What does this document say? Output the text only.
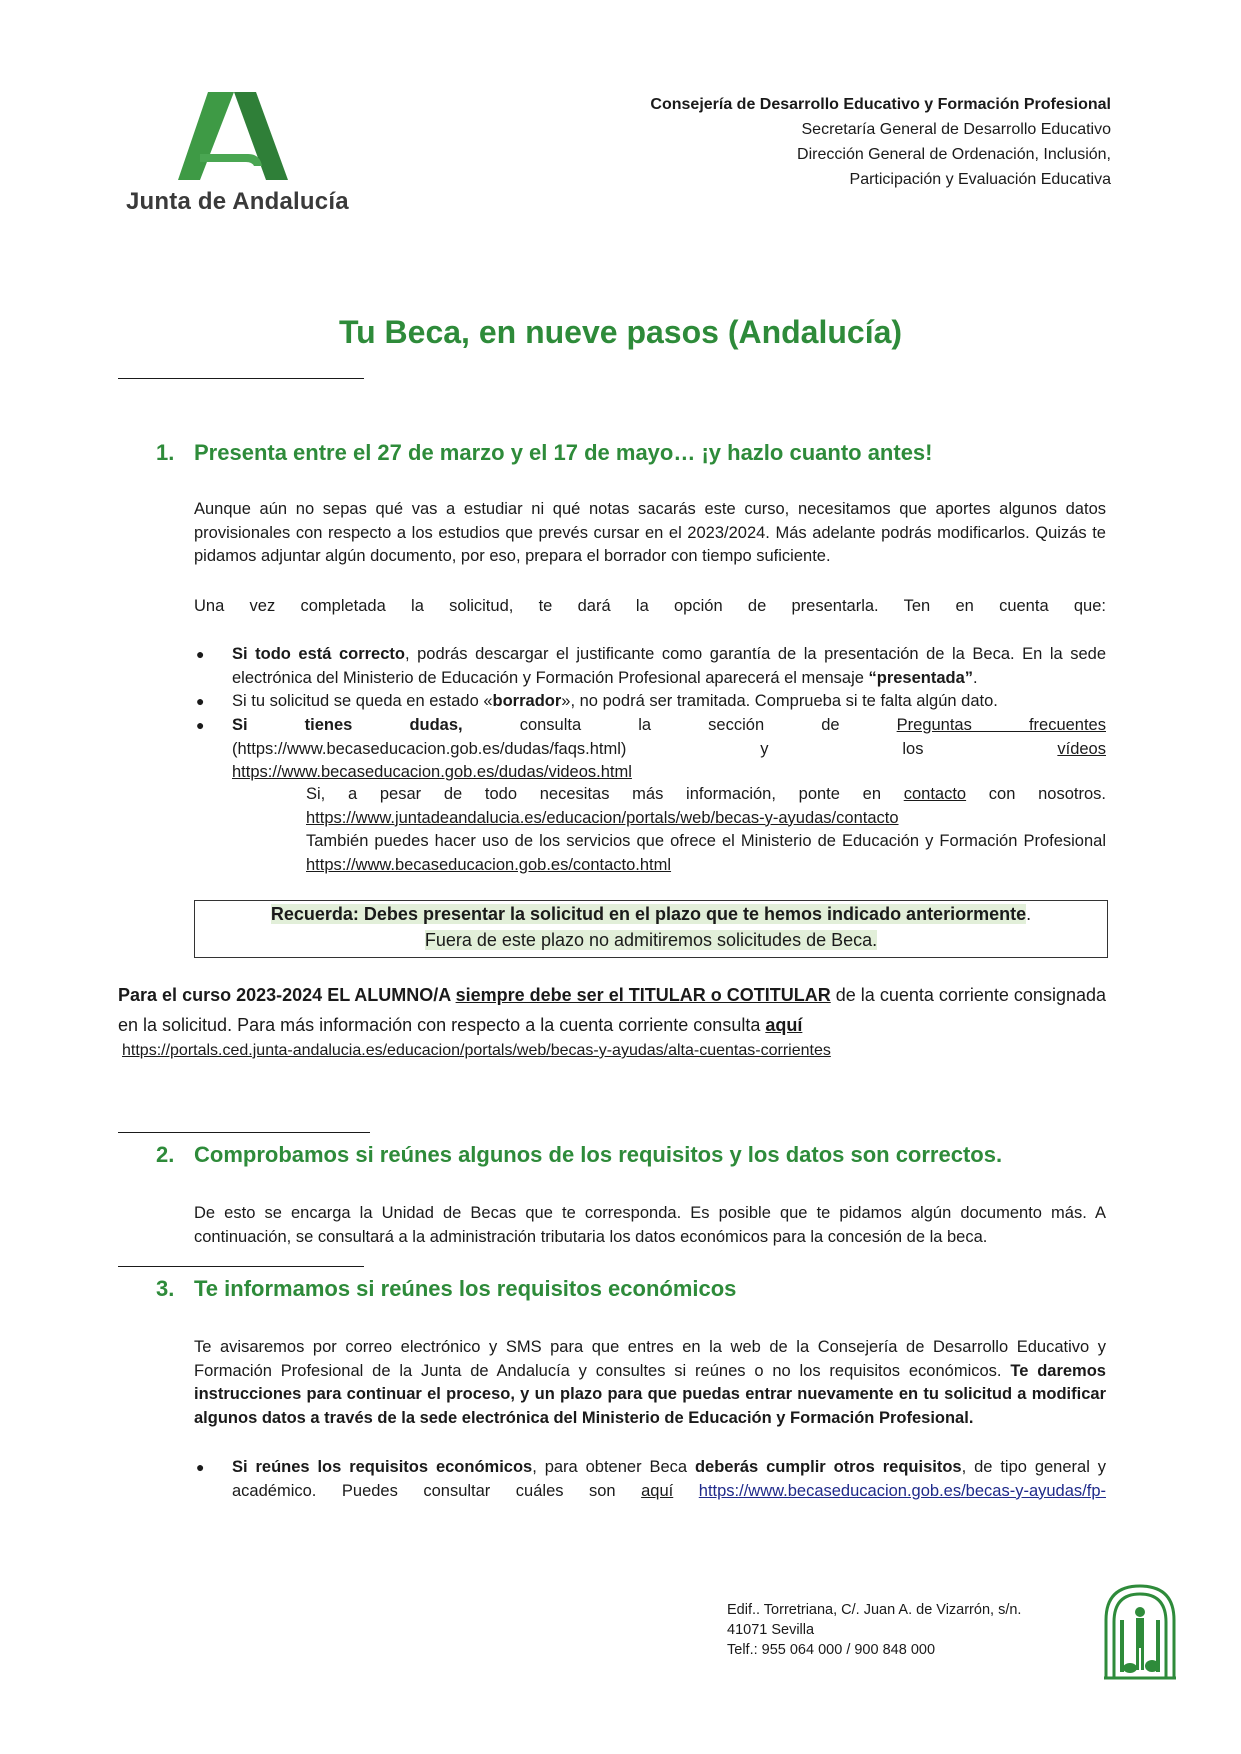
Junta de Andalucía
Consejería de Desarrollo Educativo y Formación Profesional
Secretaría General de Desarrollo Educativo
Dirección General de Ordenación, Inclusión,
Participación y Evaluación Educativa
Tu Beca, en nueve pasos (Andalucía)
1. Presenta entre el 27 de marzo y el 17 de mayo… ¡y hazlo cuanto antes!
Aunque aún no sepas qué vas a estudiar ni qué notas sacarás este curso, necesitamos que aportes algunos datos provisionales con respecto a los estudios que prevés cursar en el 2023/2024. Más adelante podrás modificarlos. Quizás te pidamos adjuntar algún documento, por eso, prepara el borrador con tiempo suficiente.
Una vez completada la solicitud, te dará la opción de presentarla. Ten en cuenta que:
● Si todo está correcto, podrás descargar el justificante como garantía de la presentación de la Beca. En la sede electrónica del Ministerio de Educación y Formación Profesional aparecerá el mensaje “presentada”.
● Si tu solicitud se queda en estado «borrador», no podrá ser tramitada. Comprueba si te falta algún dato.
● Si tienes dudas, consulta la sección de Preguntas frecuentes
(https://www.becaseducacion.gob.es/dudas/faqs.html) y los vídeos
https://www.becaseducacion.gob.es/dudas/videos.html
Si, a pesar de todo necesitas más información, ponte en contacto con nosotros.
https://www.juntadeandalucia.es/educacion/portals/web/becas-y-ayudas/contacto
También puedes hacer uso de los servicios que ofrece el Ministerio de Educación y Formación Profesional https://www.becaseducacion.gob.es/contacto.html
Recuerda: Debes presentar la solicitud en el plazo que te hemos indicado anteriormente.
Fuera de este plazo no admitiremos solicitudes de Beca.
Para el curso 2023-2024 EL ALUMNO/A siempre debe ser el TITULAR o COTITULAR de la cuenta corriente consignada en la solicitud. Para más información con respecto a la cuenta corriente consulta aquí
https://portals.ced.junta-andalucia.es/educacion/portals/web/becas-y-ayudas/alta-cuentas-corrientes
2. Comprobamos si reúnes algunos de los requisitos y los datos son correctos.
De esto se encarga la Unidad de Becas que te corresponda. Es posible que te pidamos algún documento más. A continuación, se consultará a la administración tributaria los datos económicos para la concesión de la beca.
3. Te informamos si reúnes los requisitos económicos
Te avisaremos por correo electrónico y SMS para que entres en la web de la Consejería de Desarrollo Educativo y Formación Profesional de la Junta de Andalucía y consultes si reúnes o no los requisitos económicos. Te daremos instrucciones para continuar el proceso, y un plazo para que puedas entrar nuevamente en tu solicitud a modificar algunos datos a través de la sede electrónica del Ministerio de Educación y Formación Profesional.
● Si reúnes los requisitos económicos, para obtener Beca deberás cumplir otros requisitos, de tipo general y académico. Puedes consultar cuáles son aquí https://www.becaseducacion.gob.es/becas-y-ayudas/fp-
Edif.. Torretriana, C/. Juan A. de Vizarrón, s/n.
41071 Sevilla
Telf.: 955 064 000 / 900 848 000
